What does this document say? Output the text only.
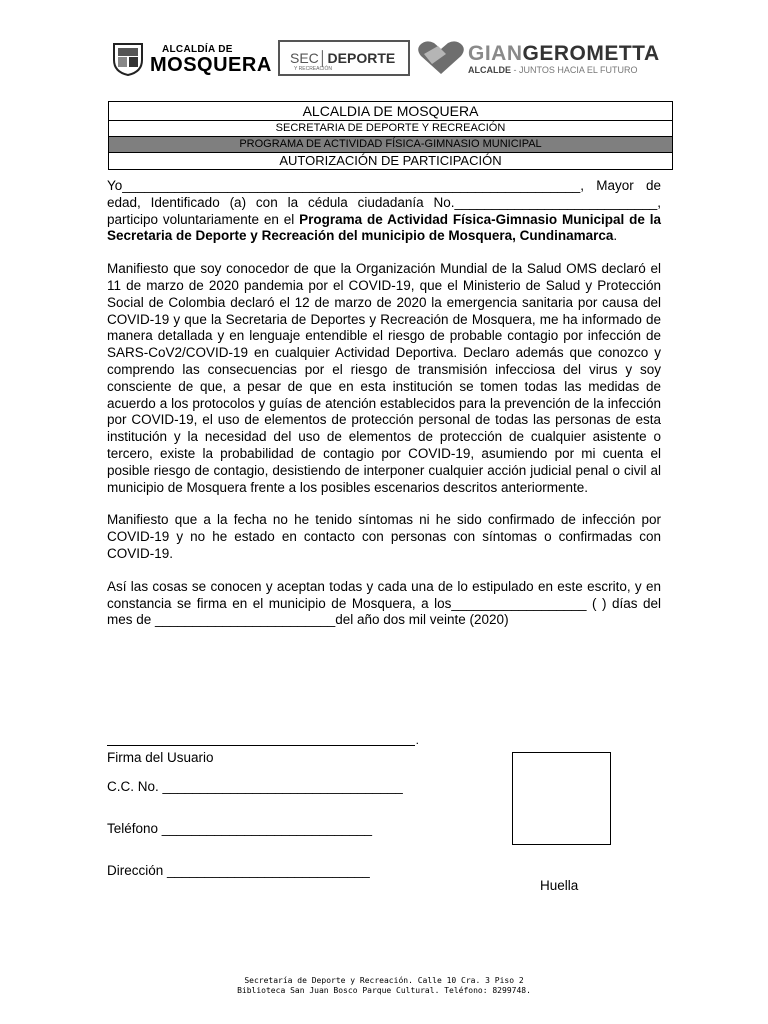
ALCALDÍA DE
MOSQUERA SEC│DEPORTE
Y RECREACIÓN
GIANGEROMETTA
ALCALDE - JUNTOS HACIA EL FUTURO
ALCALDIA DE MOSQUERA
SECRETARIA DE DEPORTE Y RECREACIÓN
PROGRAMA DE ACTIVIDAD FÍSICA-GIMNASIO MUNICIPAL
AUTORIZACIÓN DE PARTICIPACIÓN

Yo_____________________________________________________________, Mayor de edad, Identificado (a) con la cédula ciudadanía No.___________________________, participo voluntariamente en el Programa de Actividad Física-Gimnasio Municipal de la Secretaria de Deporte y Recreación del municipio de Mosquera, Cundinamarca.

Manifiesto que soy conocedor de que la Organización Mundial de la Salud OMS declaró el 11 de marzo de 2020 pandemia por el COVID-19, que el Ministerio de Salud y Protección Social de Colombia declaró el 12 de marzo de 2020 la emergencia sanitaria por causa del COVID-19 y que la Secretaria de Deportes y Recreación de Mosquera, me ha informado de manera detallada y en lenguaje entendible el riesgo de probable contagio por infección de SARS-CoV2/COVID-19 en cualquier Actividad Deportiva. Declaro además que conozco y comprendo las consecuencias por el riesgo de transmisión infecciosa del virus y soy consciente de que, a pesar de que en esta institución se tomen todas las medidas de acuerdo a los protocolos y guías de atención establecidos para la prevención de la infección por COVID-19, el uso de elementos de protección personal de todas las personas de esta institución y la necesidad del uso de elementos de protección de cualquier asistente o tercero, existe la probabilidad de contagio por COVID-19, asumiendo por mi cuenta el posible riesgo de contagio, desistiendo de interponer cualquier acción judicial penal o civil al municipio de Mosquera frente a los posibles escenarios descritos anteriormente.

Manifiesto que a la fecha no he tenido síntomas ni he sido confirmado de infección por COVID-19 y no he estado en contacto con personas con síntomas o confirmadas con COVID-19.

Así las cosas se conocen y aceptan todas y cada una de lo estipulado en este escrito, y en constancia se firma en el municipio de Mosquera, a los__________________ ( ) días del mes de ________________________del año dos mil veinte (2020)

.
Firma del Usuario
C.C. No. ________________________________
Teléfono ____________________________
Dirección ___________________________
Huella
Secretaría de Deporte y Recreación. Calle 10 Cra. 3 Piso 2
Biblioteca San Juan Bosco Parque Cultural. Teléfono: 8299748.
